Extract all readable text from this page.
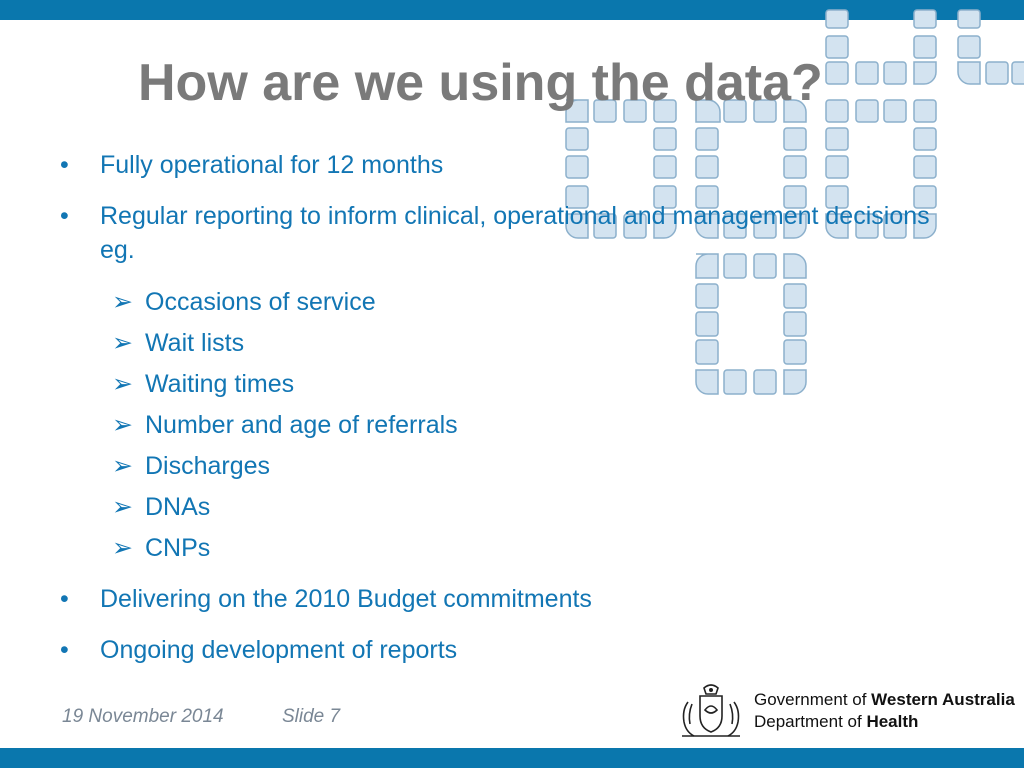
How are we using the data?
•	Fully operational for 12 months
•	Regular reporting to inform clinical, operational and management decisions eg.
➢ Occasions of service
➢ Wait lists
➢ Waiting times
➢ Number and age of referrals
➢ Discharges
➢ DNAs
➢ CNPs
•	Delivering on the 2010 Budget commitments
•	Ongoing development of reports
19 November 2014	Slide 7
Government of Western Australia
Department of Health
